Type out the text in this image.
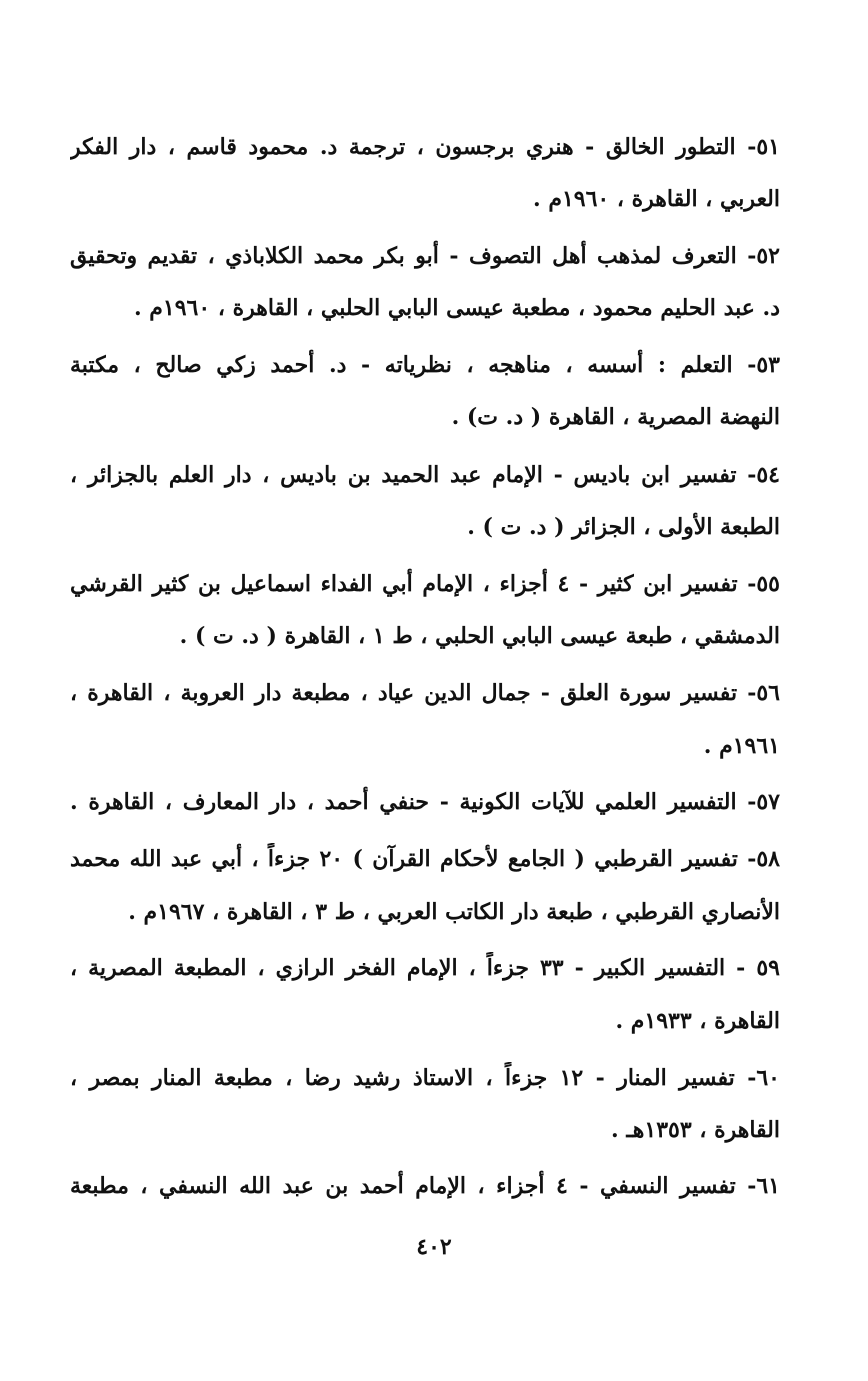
٥١- التطور الخالق - هنري برجسون ، ترجمة د. محمود قاسم ، دار الفكر
العربي ، القاهرة ، ١٩٦٠م .
٥٢- التعرف لمذهب أهل التصوف - أبو بكر محمد الكلاباذي ، تقديم وتحقيق
د. عبد الحليم محمود ، مطعبة عيسى البابي الحلبي ، القاهرة ، ١٩٦٠م .
٥٣- التعلم : أسسه ، مناهجه ، نظرياته - د. أحمد زكي صالح ، مكتبة
النهضة المصرية ، القاهرة ( د. ت) .
٥٤- تفسير ابن باديس - الإمام عبد الحميد بن باديس ، دار العلم بالجزائر ،
الطبعة الأولى ، الجزائر ( د. ت ) .
٥٥- تفسير ابن كثير - ٤ أجزاء ، الإمام أبي الفداء اسماعيل بن كثير القرشي
الدمشقي ، طبعة عيسى البابي الحلبي ، ط ١ ، القاهرة ( د. ت ) .
٥٦- تفسير سورة العلق - جمال الدين عياد ، مطبعة دار العروبة ، القاهرة ،
١٩٦١م .
٥٧- التفسير العلمي للآيات الكونية - حنفي أحمد ، دار المعارف ، القاهرة .
٥٨- تفسير القرطبي ( الجامع لأحكام القرآن ) ٢٠ جزءاً ، أبي عبد الله محمد
الأنصاري القرطبي ، طبعة دار الكاتب العربي ، ط ٣ ، القاهرة ، ١٩٦٧م .
٥٩ - التفسير الكبير - ٣٣ جزءاً ، الإمام الفخر الرازي ، المطبعة المصرية ،
القاهرة ، ١٩٣٣م .
٦٠- تفسير المنار - ١٢ جزءاً ، الاستاذ رشيد رضا ، مطبعة المنار بمصر ،
القاهرة ، ١٣٥٣هـ .
٦١- تفسير النسفي - ٤ أجزاء ، الإمام أحمد بن عبد الله النسفي ، مطبعة
٤٠٢
